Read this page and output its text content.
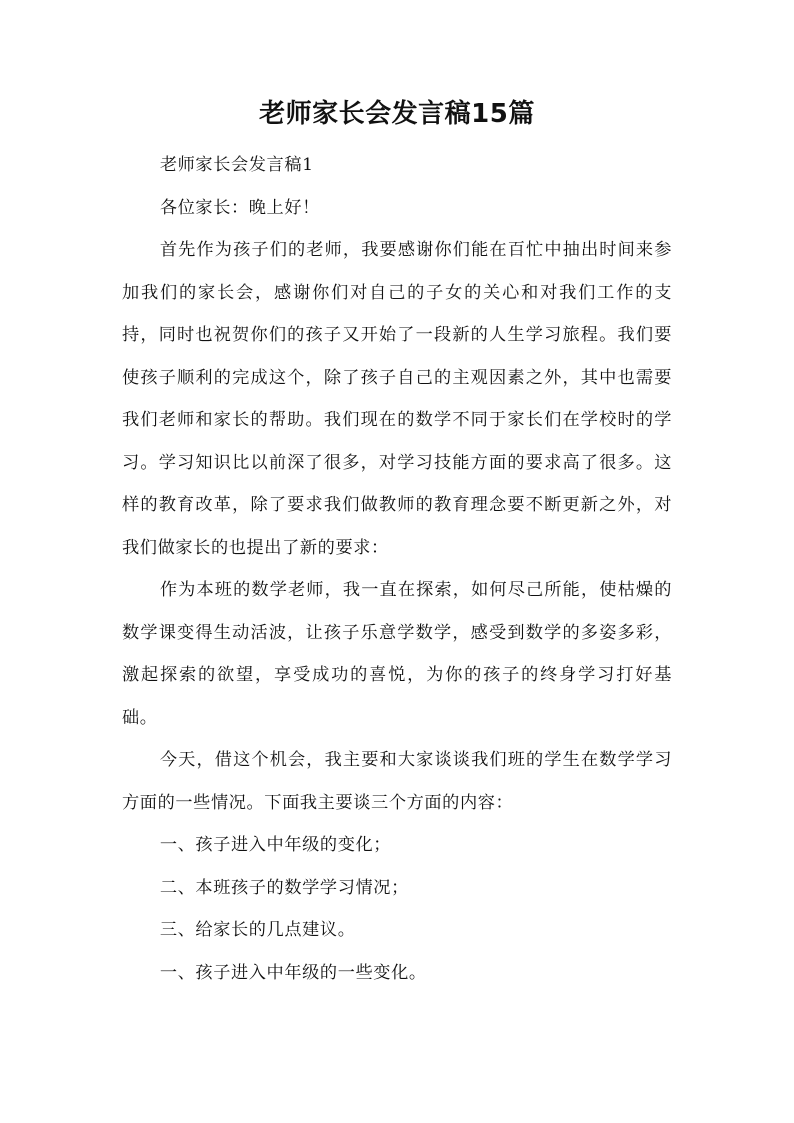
老师家长会发言稿15篇

老师家长会发言稿1

各位家长：晚上好！

首先作为孩子们的老师，我要感谢你们能在百忙中抽出时间来参加我们的家长会，感谢你们对自己的子女的关心和对我们工作的支持，同时也祝贺你们的孩子又开始了一段新的人生学习旅程。我们要使孩子顺利的完成这个，除了孩子自己的主观因素之外，其中也需要我们老师和家长的帮助。我们现在的数学不同于家长们在学校时的学习。学习知识比以前深了很多，对学习技能方面的要求高了很多。这样的教育改革，除了要求我们做教师的教育理念要不断更新之外，对我们做家长的也提出了新的要求：

作为本班的数学老师，我一直在探索，如何尽己所能，使枯燥的数学课变得生动活波，让孩子乐意学数学，感受到数学的多姿多彩，激起探索的欲望，享受成功的喜悦，为你的孩子的终身学习打好基础。

今天，借这个机会，我主要和大家谈谈我们班的学生在数学学习方面的一些情况。下面我主要谈三个方面的内容：

一、孩子进入中年级的变化；

二、本班孩子的数学学习情况；

三、给家长的几点建议。

一、孩子进入中年级的一些变化。
